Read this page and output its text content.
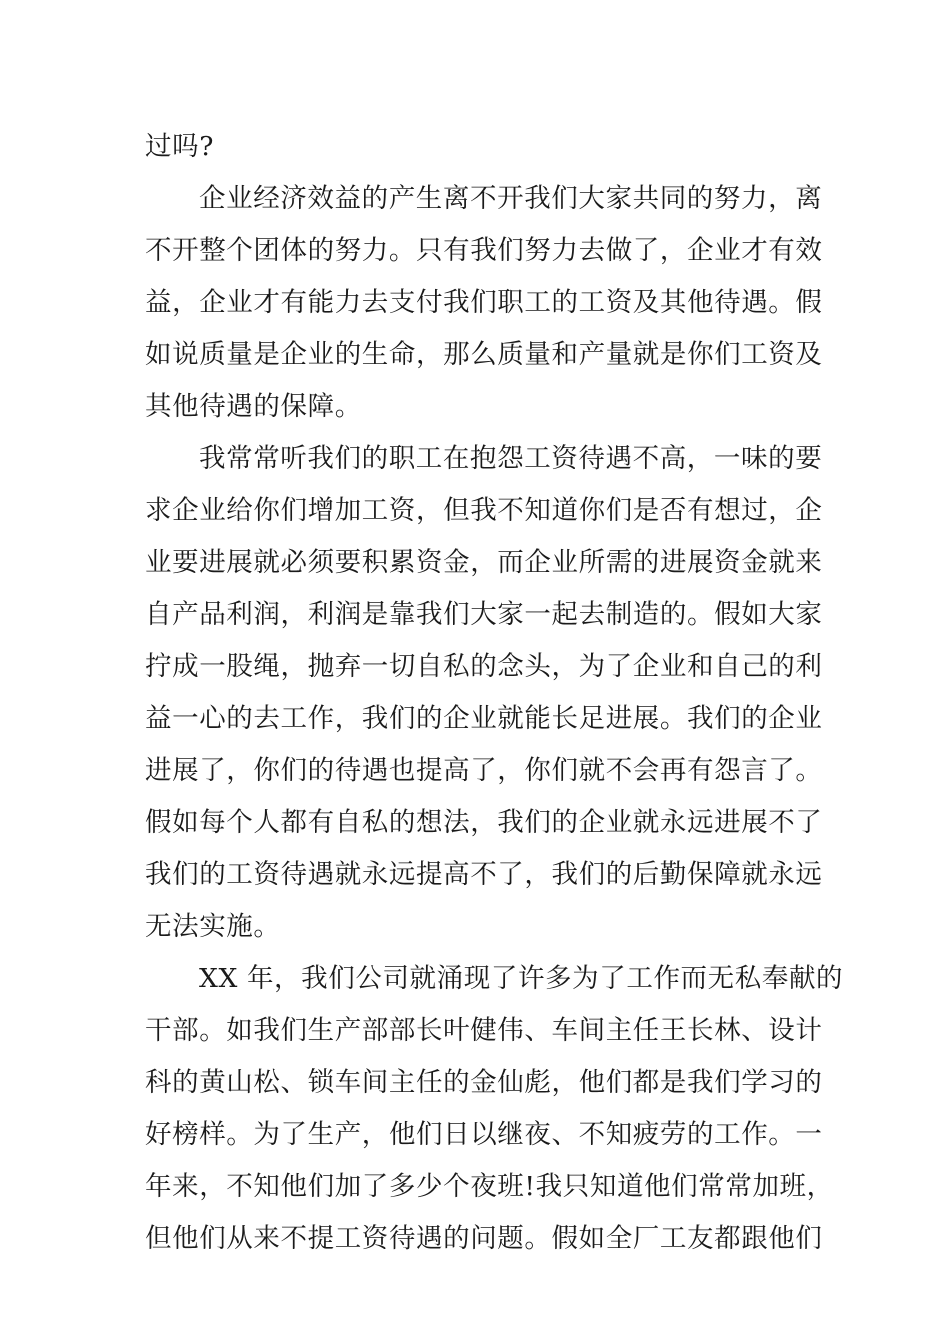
过吗?
企业经济效益的产生离不开我们大家共同的努力，离
不开整个团体的努力。只有我们努力去做了，企业才有效
益，企业才有能力去支付我们职工的工资及其他待遇。假
如说质量是企业的生命，那么质量和产量就是你们工资及
其他待遇的保障。
我常常听我们的职工在抱怨工资待遇不高，一味的要
求企业给你们增加工资，但我不知道你们是否有想过，企
业要进展就必须要积累资金，而企业所需的进展资金就来
自产品利润，利润是靠我们大家一起去制造的。假如大家
拧成一股绳，抛弃一切自私的念头，为了企业和自己的利
益一心的去工作，我们的企业就能长足进展。我们的企业
进展了，你们的待遇也提高了，你们就不会再有怨言了。
假如每个人都有自私的想法，我们的企业就永远进展不了
我们的工资待遇就永远提高不了，我们的后勤保障就永远
无法实施。
XX 年，我们公司就涌现了许多为了工作而无私奉献的
干部。如我们生产部部长叶健伟、车间主任王长林、设计
科的黄山松、锁车间主任的金仙彪，他们都是我们学习的
好榜样。为了生产，他们日以继夜、不知疲劳的工作。一
年来，不知他们加了多少个夜班!我只知道他们常常加班，
但他们从来不提工资待遇的问题。假如全厂工友都跟他们
